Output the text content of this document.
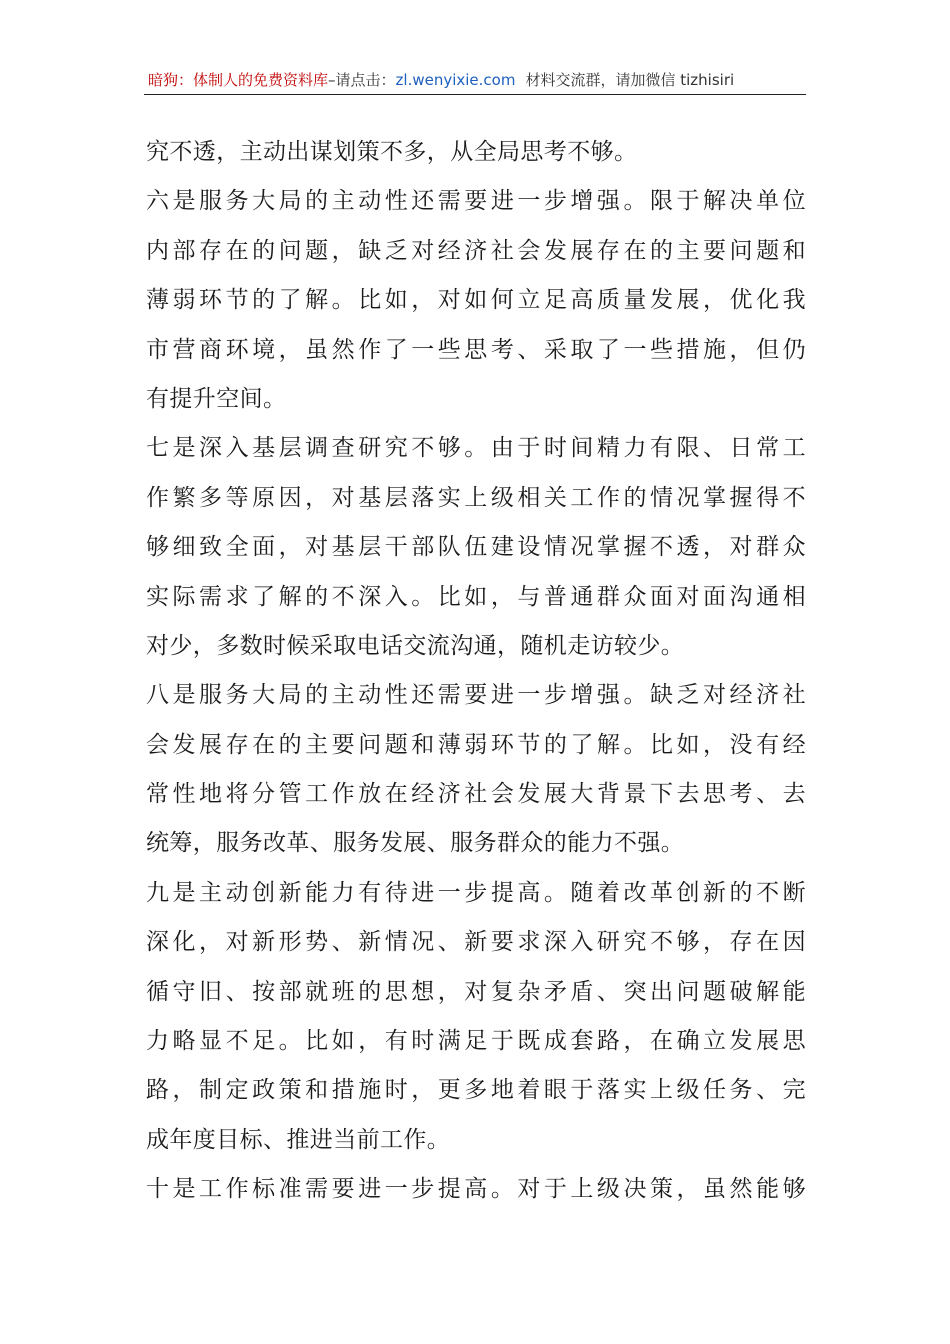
暗狗：体制人的免费资料库–请点击：zl.wenyixie.com 材料交流群，请加微信 tizhisiri
究不透，主动出谋划策不多，从全局思考不够。
六是服务大局的主动性还需要进一步增强。限于解决单位
内部存在的问题，缺乏对经济社会发展存在的主要问题和
薄弱环节的了解。比如，对如何立足高质量发展，优化我
市营商环境，虽然作了一些思考、采取了一些措施，但仍
有提升空间。
七是深入基层调查研究不够。由于时间精力有限、日常工
作繁多等原因，对基层落实上级相关工作的情况掌握得不
够细致全面，对基层干部队伍建设情况掌握不透，对群众
实际需求了解的不深入。比如，与普通群众面对面沟通相
对少，多数时候采取电话交流沟通，随机走访较少。
八是服务大局的主动性还需要进一步增强。缺乏对经济社
会发展存在的主要问题和薄弱环节的了解。比如，没有经
常性地将分管工作放在经济社会发展大背景下去思考、去
统筹，服务改革、服务发展、服务群众的能力不强。
九是主动创新能力有待进一步提高。随着改革创新的不断
深化，对新形势、新情况、新要求深入研究不够，存在因
循守旧、按部就班的思想，对复杂矛盾、突出问题破解能
力略显不足。比如，有时满足于既成套路，在确立发展思
路，制定政策和措施时，更多地着眼于落实上级任务、完
成年度目标、推进当前工作。
十是工作标准需要进一步提高。对于上级决策，虽然能够
